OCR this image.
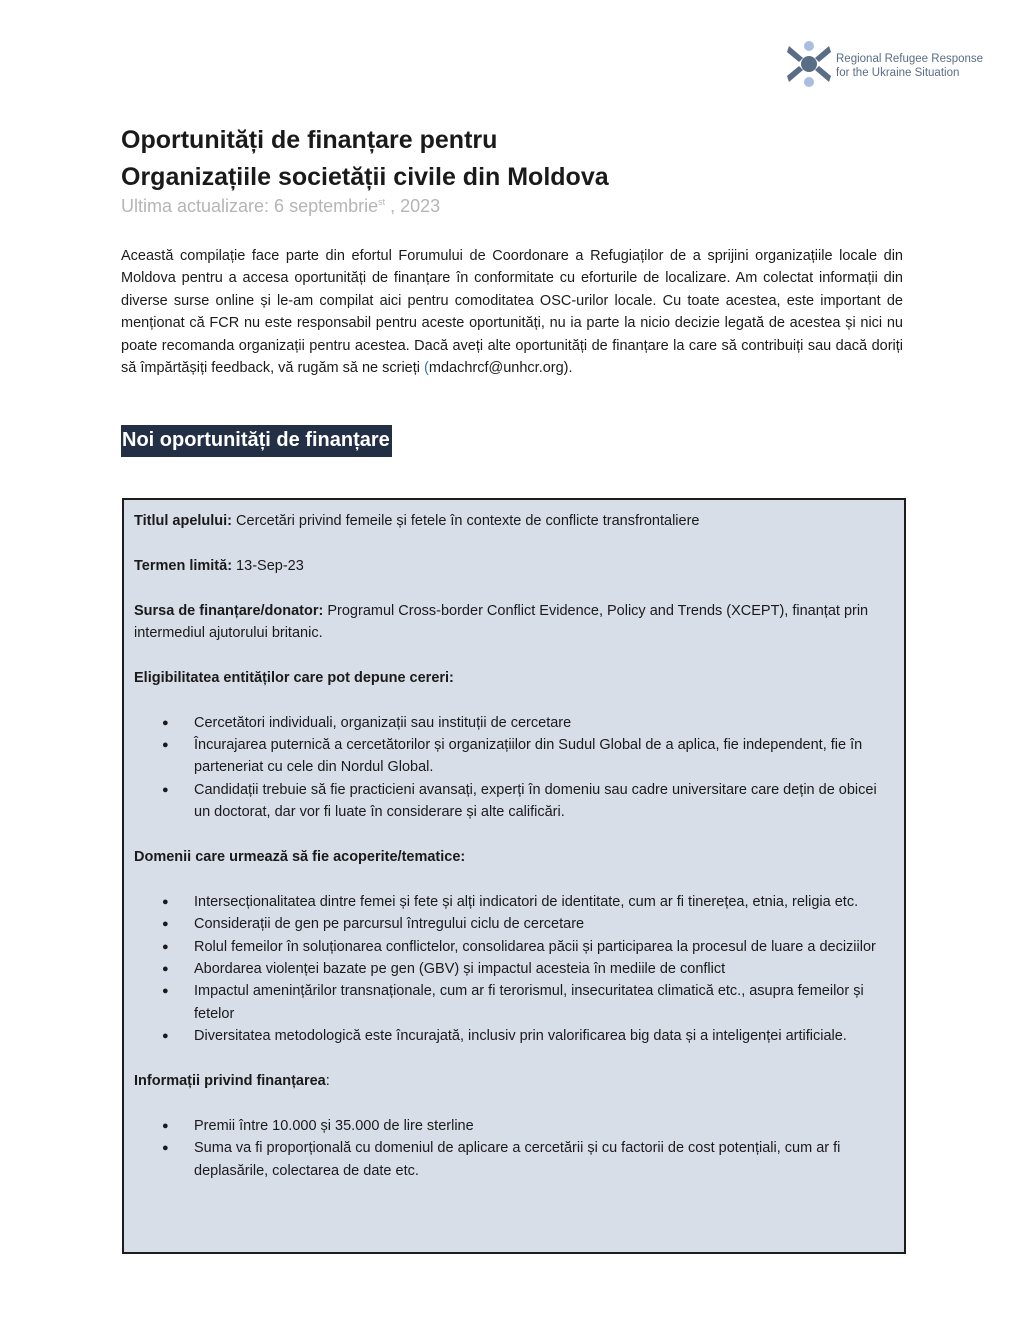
Regional Refugee Response
for the Ukraine Situation
Oportunități de finanțare pentru
Organizațiile societății civile din Moldova
Ultima actualizare: 6 septembrie$^{st}$ , 2023
Această compilație face parte din efortul Forumului de Coordonare a Refugiaților de a sprijini organizațiile locale din Moldova pentru a accesa oportunități de finanțare în conformitate cu eforturile de localizare. Am colectat informații din diverse surse online și le-am compilat aici pentru comoditatea OSC-urilor locale. Cu toate acestea, este important de menționat că FCR nu este responsabil pentru aceste oportunități, nu ia parte la nicio decizie legată de acestea și nici nu poate recomanda organizații pentru acestea. Dacă aveți alte oportunități de finanțare la care să contribuiți sau dacă doriți să împărtășiți feedback, vă rugăm să ne scrieți (mdachrcf@unhcr.org).
Noi oportunități de finanțare
Titlul apelului: Cercetări privind femeile și fetele în contexte de conflicte transfrontaliere
Termen limită: 13-Sep-23
Sursa de finanțare/donator: Programul Cross-border Conflict Evidence, Policy and Trends (XCEPT), finanțat prin intermediul ajutorului britanic.
Eligibilitatea entităților care pot depune cereri:
● Cercetători individuali, organizații sau instituții de cercetare
● Încurajarea puternică a cercetătorilor și organizațiilor din Sudul Global de a aplica, fie independent, fie în parteneriat cu cele din Nordul Global.
● Candidații trebuie să fie practicieni avansați, experți în domeniu sau cadre universitare care dețin de obicei un doctorat, dar vor fi luate în considerare și alte calificări.
Domenii care urmează să fie acoperite/tematice:
● Intersecționalitatea dintre femei și fete și alți indicatori de identitate, cum ar fi tinerețea, etnia, religia etc.
● Considerații de gen pe parcursul întregului ciclu de cercetare
● Rolul femeilor în soluționarea conflictelor, consolidarea păcii și participarea la procesul de luare a deciziilor
● Abordarea violenței bazate pe gen (GBV) și impactul acesteia în mediile de conflict
● Impactul amenințărilor transnaționale, cum ar fi terorismul, insecuritatea climatică etc., asupra femeilor și fetelor
● Diversitatea metodologică este încurajată, inclusiv prin valorificarea big data și a inteligenței artificiale.
Informații privind finanțarea:
● Premii între 10.000 și 35.000 de lire sterline
● Suma va fi proporțională cu domeniul de aplicare a cercetării și cu factorii de cost potențiali, cum ar fi deplasările, colectarea de date etc.
